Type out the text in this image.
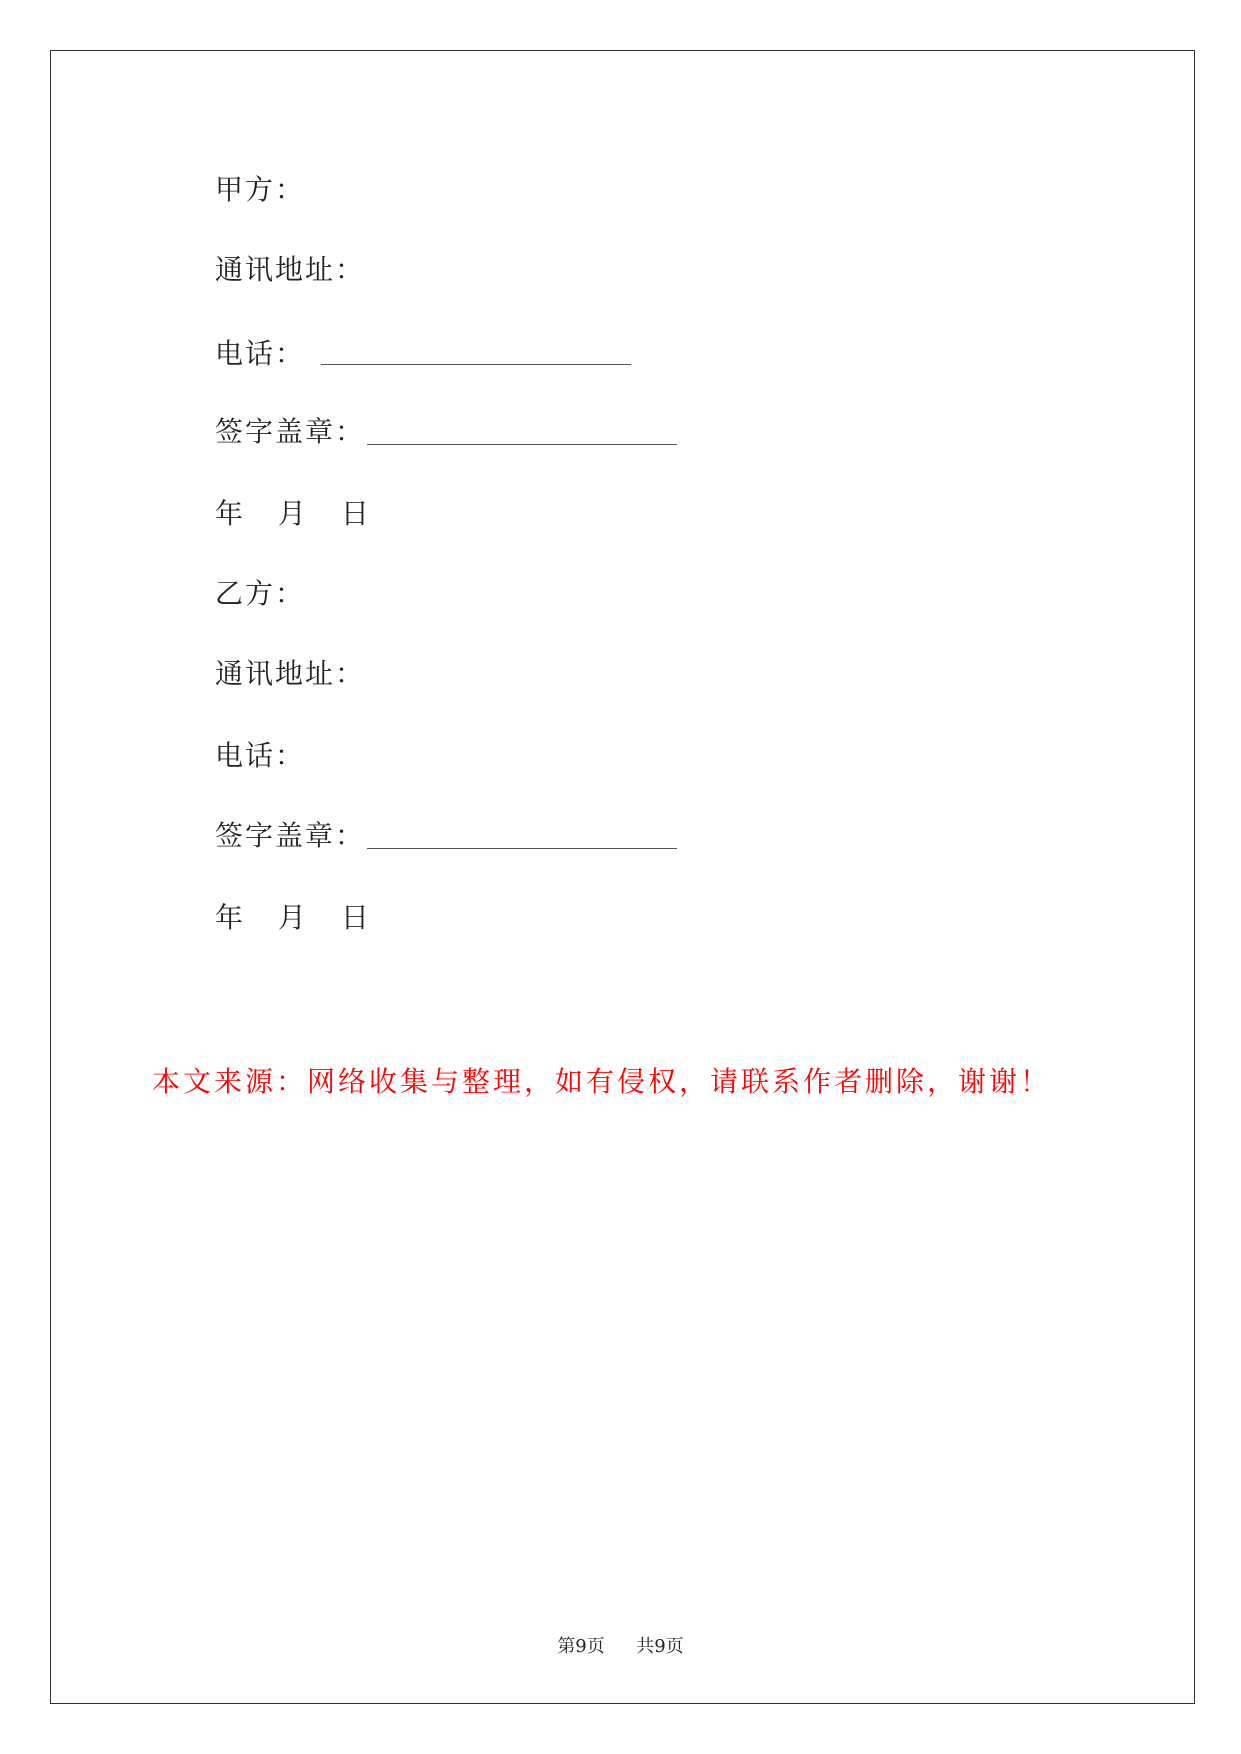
甲方：
通讯地址：
电话：
签字盖章：
年 月 日
乙方：
通讯地址：
电话：
签字盖章：
年 月 日
本文来源：网络收集与整理，如有侵权，请联系作者删除，谢谢！
第9页 共9页
